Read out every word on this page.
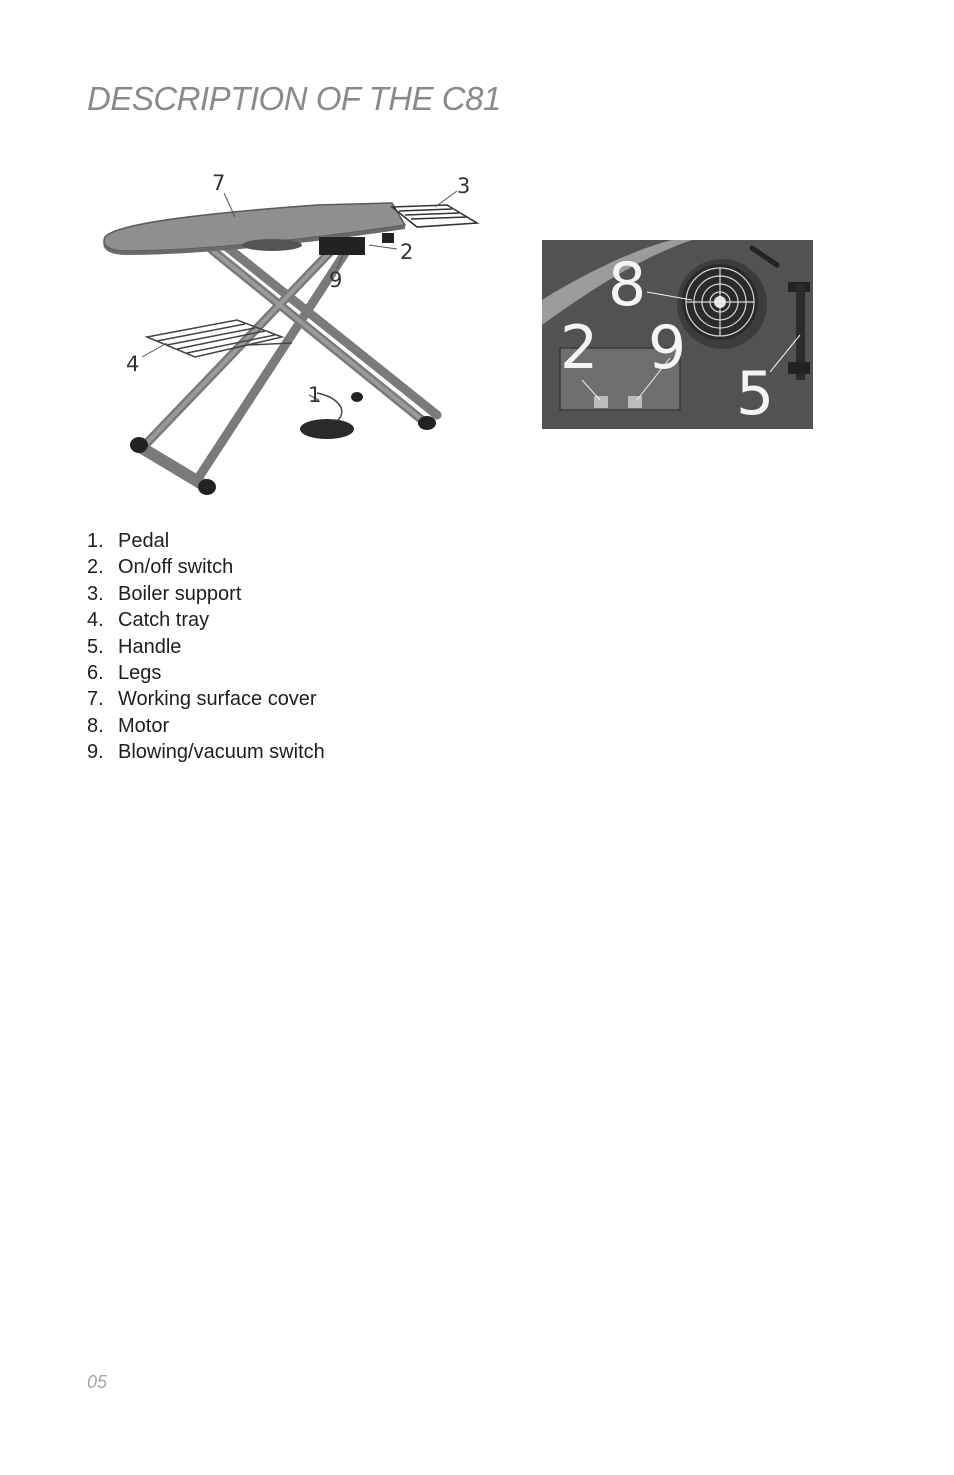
DESCRIPTION OF THE C81
7	3
2
9
4
1
8
2 9
5
1. Pedal
2. On/off switch
3. Boiler support
4. Catch tray
5. Handle
6. Legs
7. Working surface cover
8. Motor
9. Blowing/vacuum switch
05
